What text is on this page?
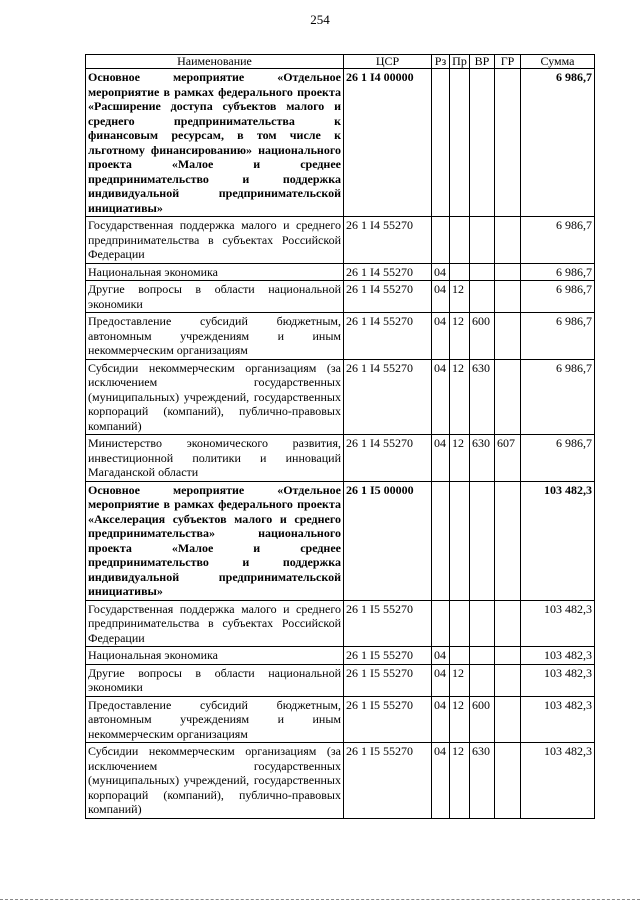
254
Наименование	ЦСР	Рз	Пр	ВР	ГР	Сумма
Основное мероприятие «Отдельное мероприятие в рамках федерального проекта «Расширение доступа субъектов малого и среднего предпринимательства к финансовым ресурсам, в том числе к льготному финансированию» национального проекта «Малое и среднее предпринимательство и поддержка индивидуальной предпринимательской инициативы»	26 1 I4 00000					6 986,7
Государственная поддержка малого и среднего предпринимательства в субъектах Российской Федерации	26 1 I4 55270					6 986,7
Национальная экономика	26 1 I4 55270	04				6 986,7
Другие вопросы в области национальной экономики	26 1 I4 55270	04	12			6 986,7
Предоставление субсидий бюджетным, автономным учреждениям и иным некоммерческим организациям	26 1 I4 55270	04	12	600		6 986,7
Субсидии некоммерческим организациям (за исключением государственных (муниципальных) учреждений, государственных корпораций (компаний), публично-правовых компаний)	26 1 I4 55270	04	12	630		6 986,7
Министерство экономического развития, инвестиционной политики и инноваций Магаданской области	26 1 I4 55270	04	12	630	607	6 986,7
Основное мероприятие «Отдельное мероприятие в рамках федерального проекта «Акселерация субъектов малого и среднего предпринимательства» национального проекта «Малое и среднее предпринимательство и поддержка индивидуальной предпринимательской инициативы»	26 1 I5 00000					103 482,3
Государственная поддержка малого и среднего предпринимательства в субъектах Российской Федерации	26 1 I5 55270					103 482,3
Национальная экономика	26 1 I5 55270	04				103 482,3
Другие вопросы в области национальной экономики	26 1 I5 55270	04	12			103 482,3
Предоставление субсидий бюджетным, автономным учреждениям и иным некоммерческим организациям	26 1 I5 55270	04	12	600		103 482,3
Субсидии некоммерческим организациям (за исключением государственных (муниципальных) учреждений, государственных корпораций (компаний), публично-правовых компаний)	26 1 I5 55270	04	12	630		103 482,3
